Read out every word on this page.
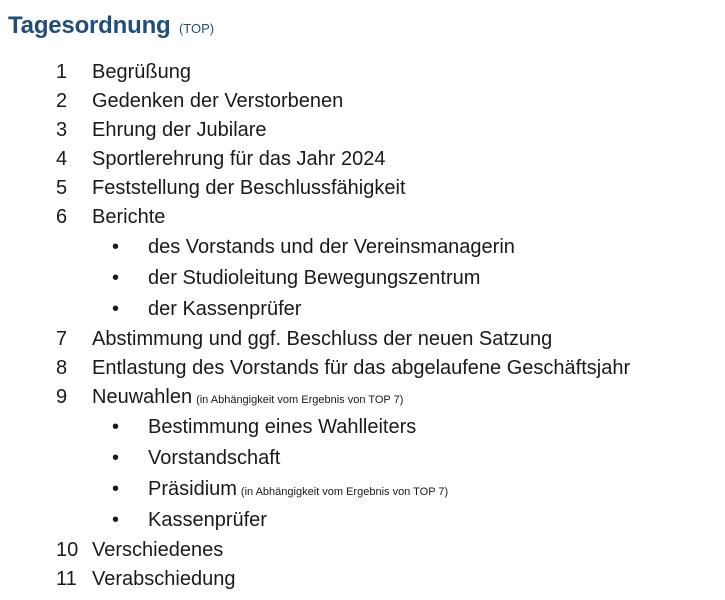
Tagesordnung (TOP)
1	Begrüßung
2	Gedenken der Verstorbenen
3	Ehrung der Jubilare
4	Sportlerehrung für das Jahr 2024
5	Feststellung der Beschlussfähigkeit
6	Berichte
• des Vorstands und der Vereinsmanagerin
• der Studioleitung Bewegungszentrum
• der Kassenprüfer
7	Abstimmung und ggf. Beschluss der neuen Satzung
8	Entlastung des Vorstands für das abgelaufene Geschäftsjahr
9	Neuwahlen (in Abhängigkeit vom Ergebnis von TOP 7)
• Bestimmung eines Wahlleiters
• Vorstandschaft
• Präsidium (in Abhängigkeit vom Ergebnis von TOP 7)
• Kassenprüfer
10 Verschiedenes
11 Verabschiedung
